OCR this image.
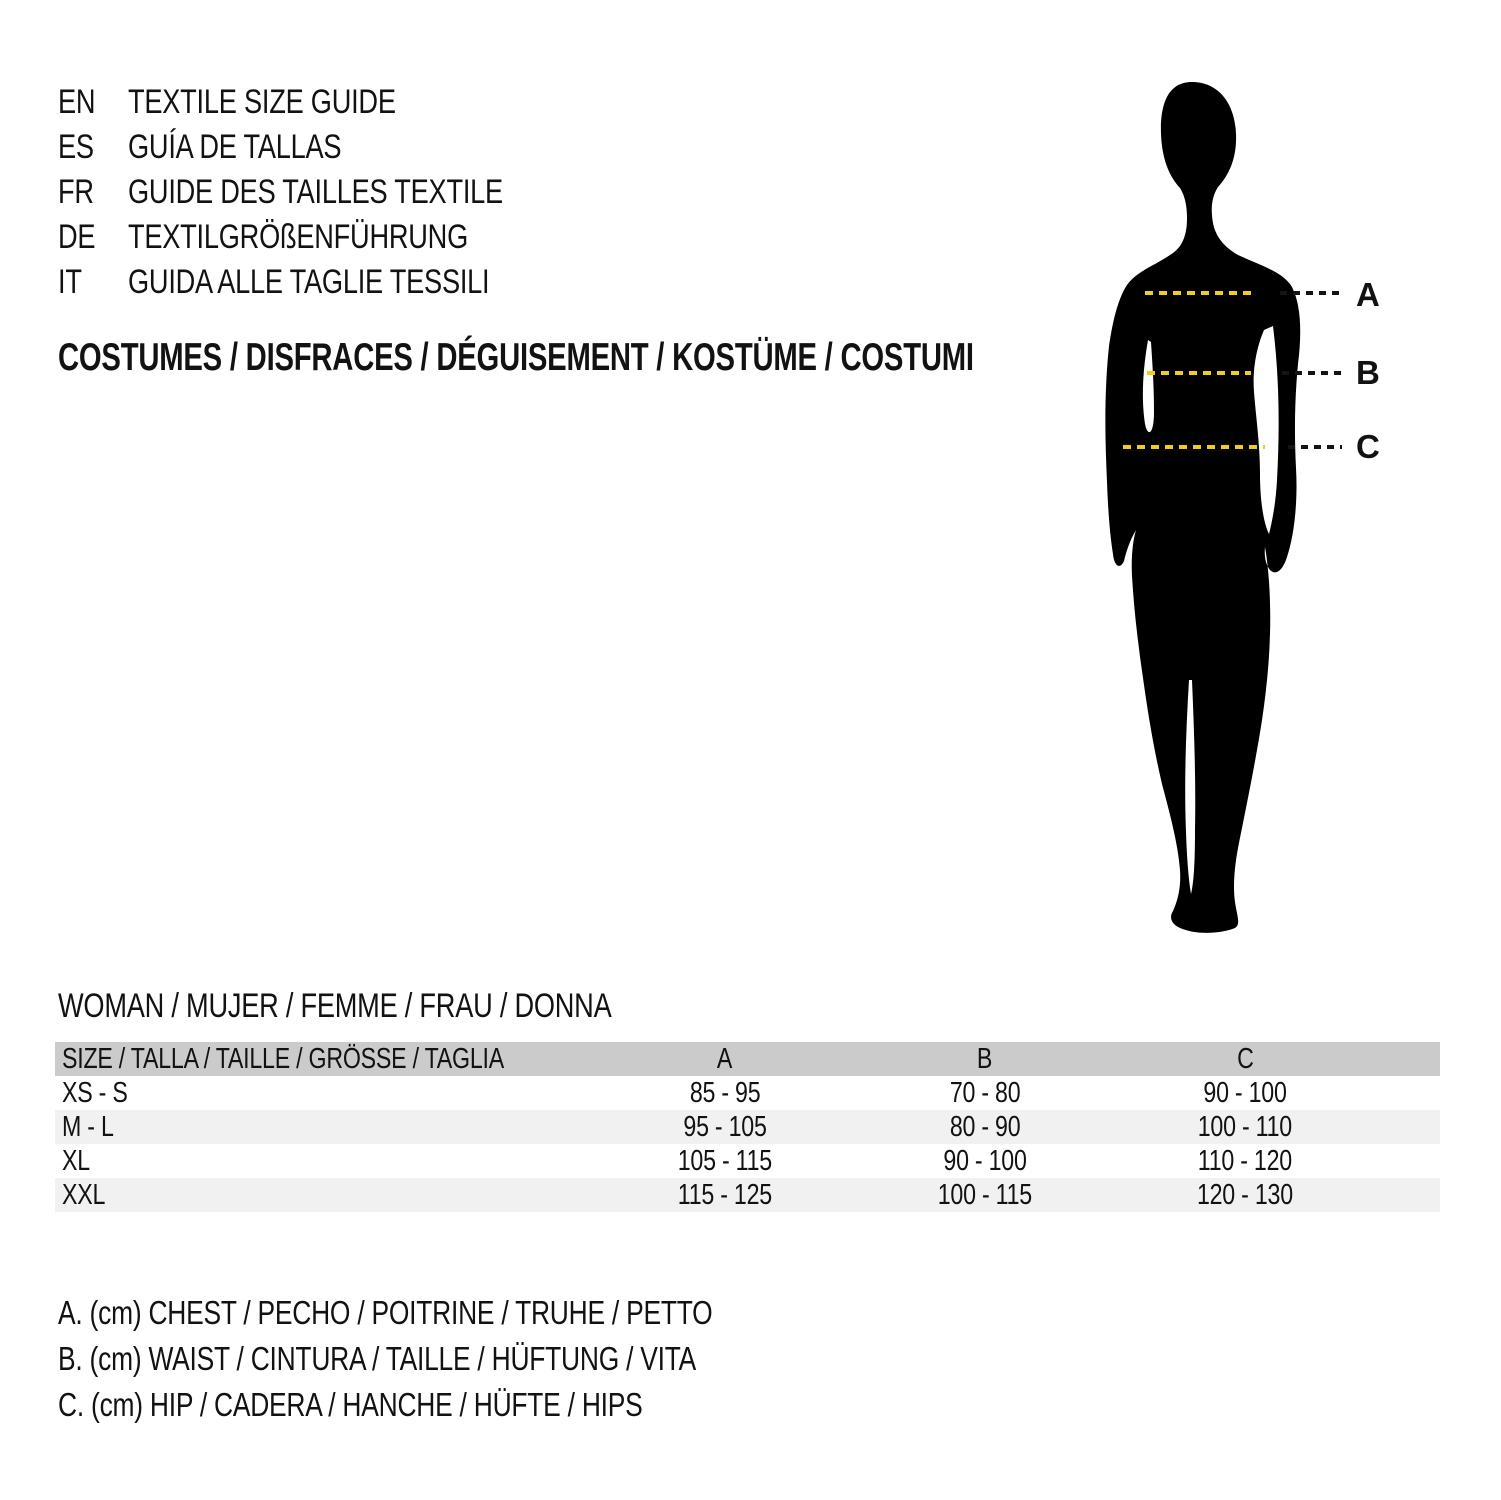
EN TEXTILE SIZE GUIDE
ES GUÍA DE TALLAS
FR GUIDE DES TAILLES TEXTILE
DE TEXTILGRÖßENFÜHRUNG
IT GUIDA ALLE TAGLIE TESSILI
COSTUMES / DISFRACES / DÉGUISEMENT / KOSTÜME / COSTUMI
A
B
C
WOMAN / MUJER / FEMME / FRAU / DONNA
SIZE / TALLA / TAILLE / GRÖSSE / TAGLIA	A	B	C
XS - S	85 - 95	70 - 80	90 - 100
M - L	95 - 105	80 - 90	100 - 110
XL	105 - 115	90 - 100	110 - 120
XXL	115 - 125	100 - 115	120 - 130
A. (cm) CHEST / PECHO / POITRINE / TRUHE / PETTO
B. (cm) WAIST / CINTURA / TAILLE / HÜFTUNG / VITA
C. (cm) HIP / CADERA / HANCHE / HÜFTE / HIPS
